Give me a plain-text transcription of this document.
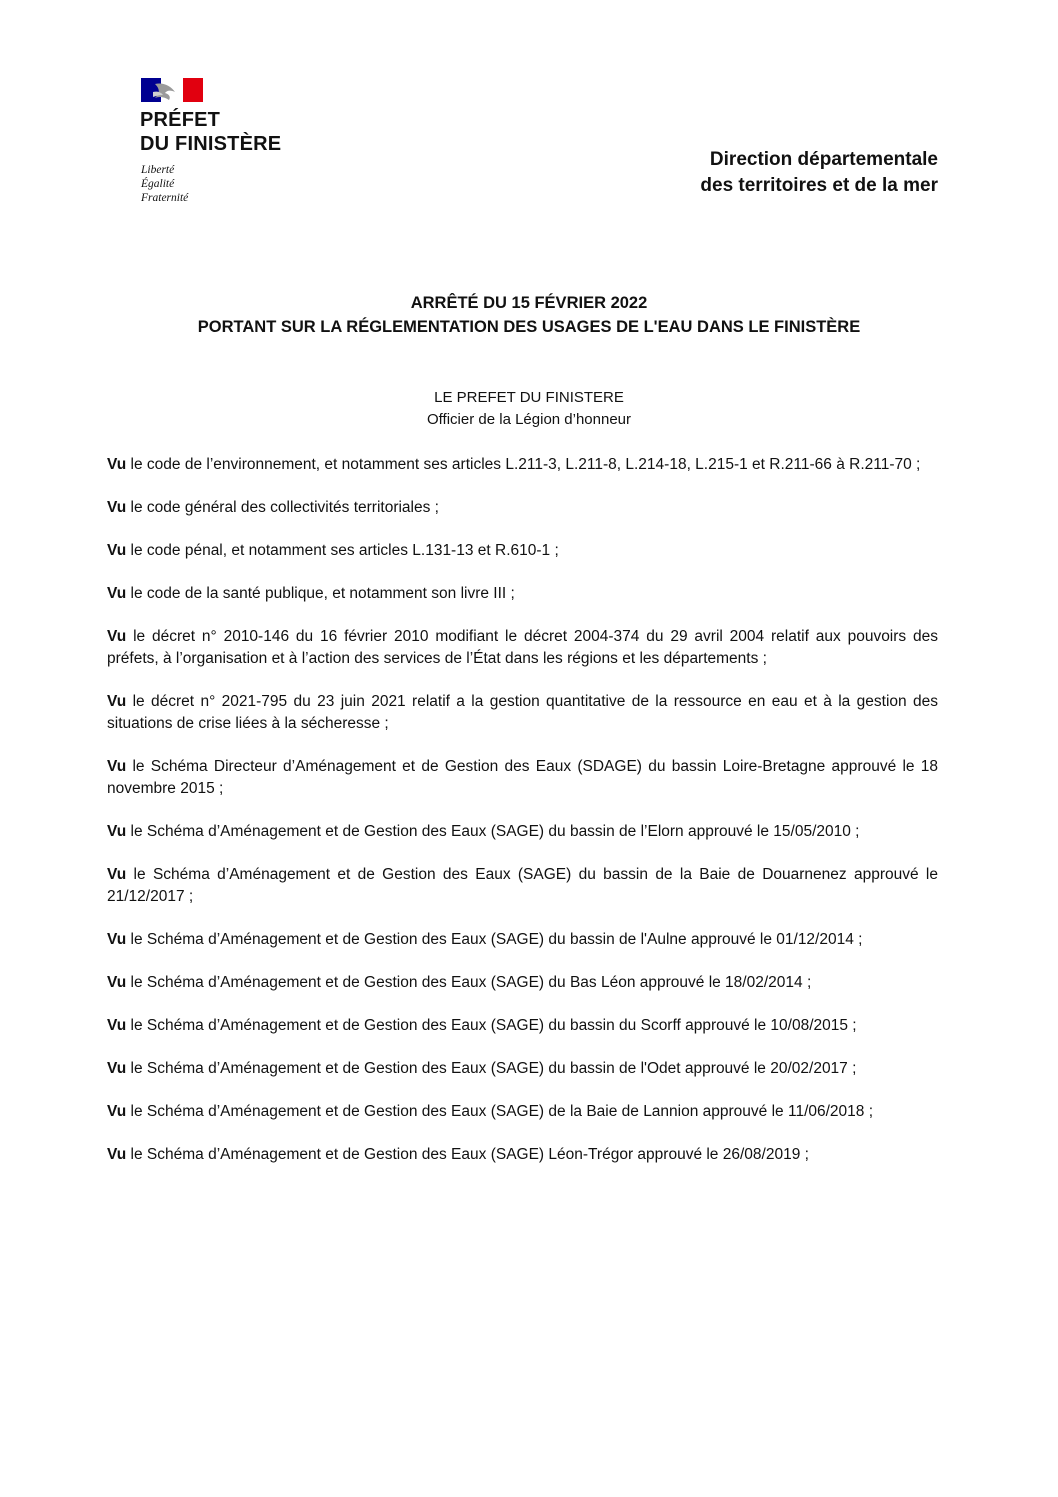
PRÉFET
DU FINISTÈRE
Liberté
Égalité
Fraternité
Direction départementale
des territoires et de la mer
ARRÊTÉ DU 15 FÉVRIER 2022
PORTANT SUR LA RÉGLEMENTATION DES USAGES DE L'EAU DANS LE FINISTÈRE
LE PREFET DU FINISTERE
Officier de la Légion d’honneur

Vu le code de l’environnement, et notamment ses articles L.211-3, L.211-8, L.214-18, L.215-1 et R.211-66 à R.211-70 ;

Vu le code général des collectivités territoriales ;

Vu le code pénal, et notamment ses articles L.131-13 et R.610-1 ;

Vu le code de la santé publique, et notamment son livre III ;

Vu le décret n° 2010-146 du 16 février 2010 modifiant le décret 2004-374 du 29 avril 2004 relatif aux pouvoirs des préfets, à l’organisation et à l’action des services de l’État dans les régions et les départements ;

Vu le décret n° 2021-795 du 23 juin 2021 relatif a la gestion quantitative de la ressource en eau et à la gestion des situations de crise liées à la sécheresse ;

Vu le Schéma Directeur d’Aménagement et de Gestion des Eaux (SDAGE) du bassin Loire-Bretagne approuvé le 18 novembre 2015 ;

Vu le Schéma d’Aménagement et de Gestion des Eaux (SAGE) du bassin de l’Elorn approuvé le 15/05/2010 ;

Vu le Schéma d’Aménagement et de Gestion des Eaux (SAGE) du bassin de la Baie de Douarnenez approuvé le 21/12/2017 ;

Vu le Schéma d’Aménagement et de Gestion des Eaux (SAGE) du bassin de l'Aulne approuvé le 01/12/2014 ;

Vu le Schéma d’Aménagement et de Gestion des Eaux (SAGE) du Bas Léon approuvé le 18/02/2014 ;

Vu le Schéma d’Aménagement et de Gestion des Eaux (SAGE) du bassin du Scorff approuvé le 10/08/2015 ;

Vu le Schéma d’Aménagement et de Gestion des Eaux (SAGE) du bassin de l'Odet approuvé le 20/02/2017 ;

Vu le Schéma d’Aménagement et de Gestion des Eaux (SAGE) de la Baie de Lannion approuvé le 11/06/2018 ;

Vu le Schéma d’Aménagement et de Gestion des Eaux (SAGE) Léon-Trégor approuvé le 26/08/2019 ;
